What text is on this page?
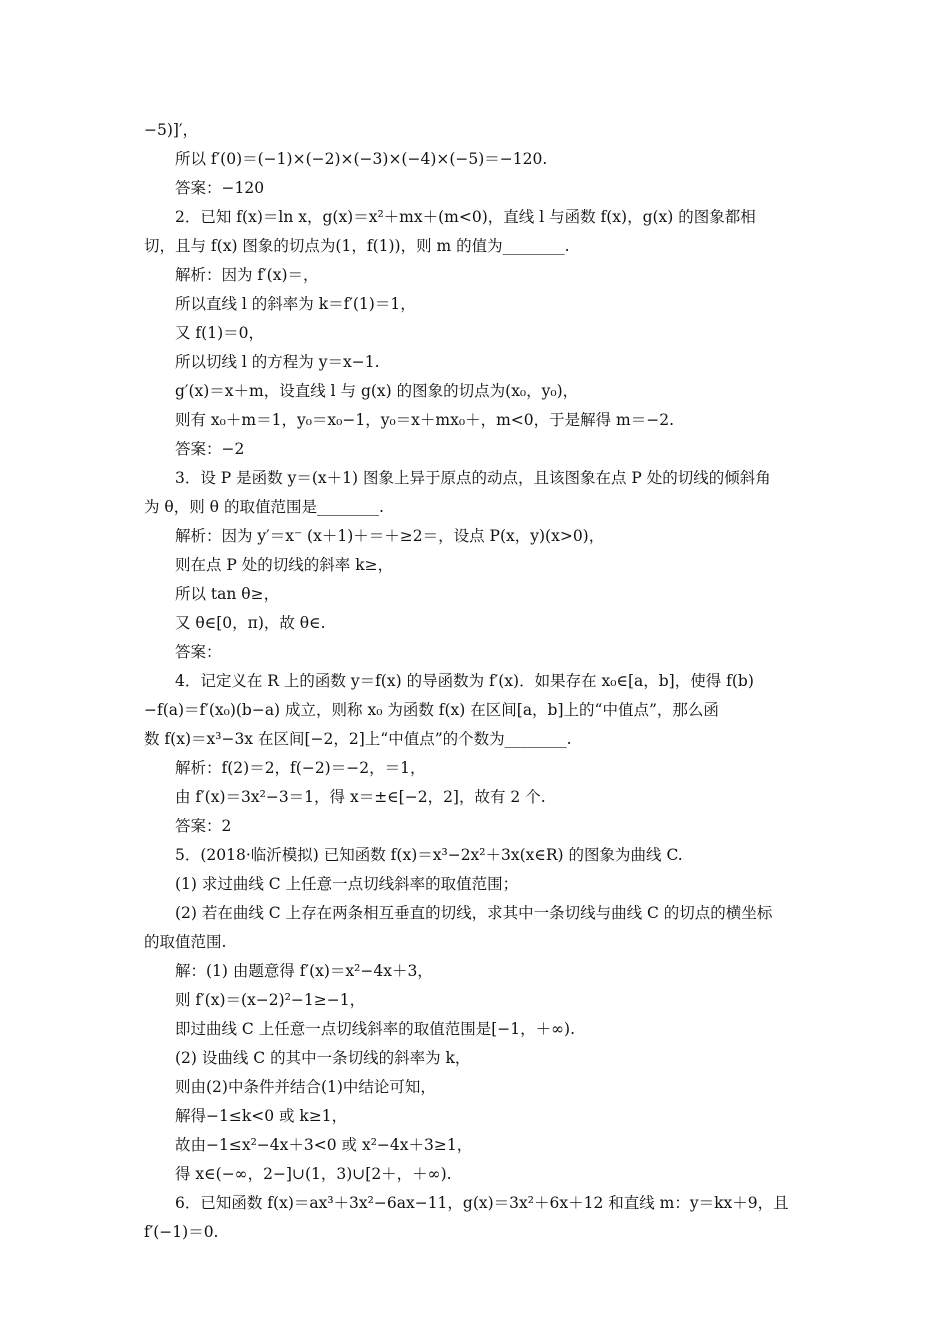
−5)]′，
所以 f′(0)＝(−1)×(−2)×(−3)×(−4)×(−5)＝−120.
答案：−120
2．已知 f(x)＝ln x，g(x)＝x²＋mx＋(m<0)，直线 l 与函数 f(x)，g(x) 的图象都相
切，且与 f(x) 图象的切点为(1，f(1))，则 m 的值为________.
解析：因为 f′(x)＝，
所以直线 l 的斜率为 k＝f′(1)＝1，
又 f(1)＝0，
所以切线 l 的方程为 y＝x−1.
g′(x)＝x＋m，设直线 l 与 g(x) 的图象的切点为(x₀，y₀)，
则有 x₀＋m＝1，y₀＝x₀−1，y₀＝x＋mx₀＋，m<0，于是解得 m＝−2.
答案：−2
3．设 P 是函数 y＝(x＋1) 图象上异于原点的动点，且该图象在点 P 处的切线的倾斜角
为 θ，则 θ 的取值范围是________.
解析：因为 y′＝x⁻ (x＋1)＋＝＋≥2＝，设点 P(x，y)(x>0)，
则在点 P 处的切线的斜率 k≥，
所以 tan θ≥，
又 θ∈[0，π)，故 θ∈.
答案：
4．记定义在 R 上的函数 y＝f(x) 的导函数为 f′(x)．如果存在 x₀∈[a，b]，使得 f(b)
−f(a)＝f′(x₀)(b−a) 成立，则称 x₀ 为函数 f(x) 在区间[a，b]上的“中值点”，那么函
数 f(x)＝x³−3x 在区间[−2，2]上“中值点”的个数为________.
解析：f(2)＝2，f(−2)＝−2，＝1，
由 f′(x)＝3x²−3＝1，得 x＝±∈[−2，2]，故有 2 个.
答案：2
5．(2018·临沂模拟) 已知函数 f(x)＝x³−2x²＋3x(x∈R) 的图象为曲线 C.
(1) 求过曲线 C 上任意一点切线斜率的取值范围；
(2) 若在曲线 C 上存在两条相互垂直的切线，求其中一条切线与曲线 C 的切点的横坐标
的取值范围.
解：(1) 由题意得 f′(x)＝x²−4x＋3，
则 f′(x)＝(x−2)²−1≥−1，
即过曲线 C 上任意一点切线斜率的取值范围是[−1，＋∞).
(2) 设曲线 C 的其中一条切线的斜率为 k，
则由(2)中条件并结合(1)中结论可知，
解得−1≤k<0 或 k≥1，
故由−1≤x²−4x＋3<0 或 x²−4x＋3≥1，
得 x∈(−∞，2−]∪(1，3)∪[2＋，＋∞).
6．已知函数 f(x)＝ax³＋3x²−6ax−11，g(x)＝3x²＋6x＋12 和直线 m：y＝kx＋9，且
f′(−1)＝0.
